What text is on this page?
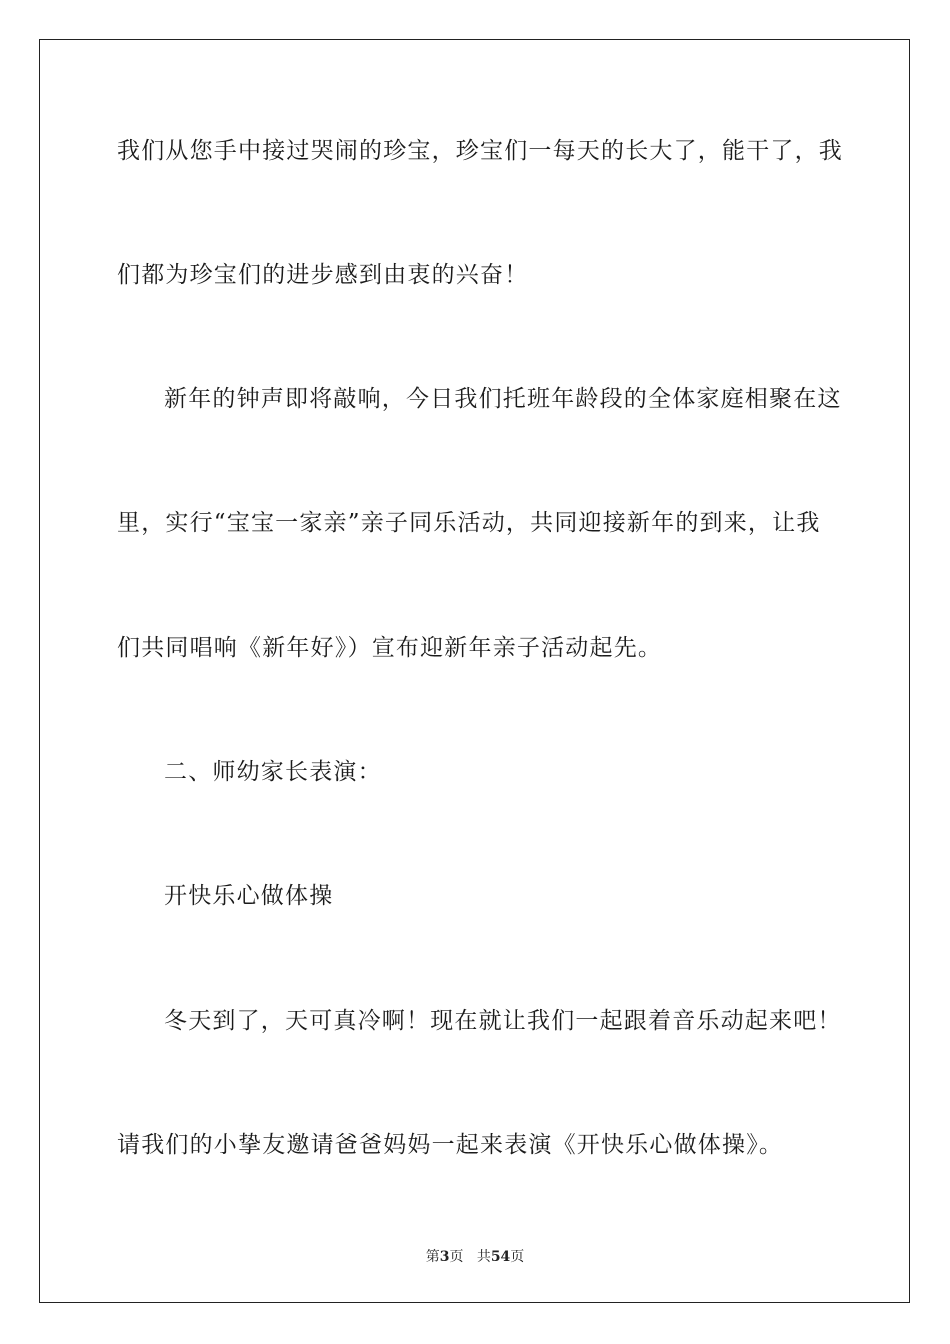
我们从您手中接过哭闹的珍宝，珍宝们一每天的长大了，能干了，我
们都为珍宝们的进步感到由衷的兴奋！
新年的钟声即将敲响，今日我们托班年龄段的全体家庭相聚在这
里，实行“宝宝一家亲”亲子同乐活动，共同迎接新年的到来，让我
们共同唱响《新年好》）宣布迎新年亲子活动起先。
二、师幼家长表演：
开快乐心做体操
冬天到了，天可真冷啊！现在就让我们一起跟着音乐动起来吧！
请我们的小挚友邀请爸爸妈妈一起来表演《开快乐心做体操》。
第3页 共54页
